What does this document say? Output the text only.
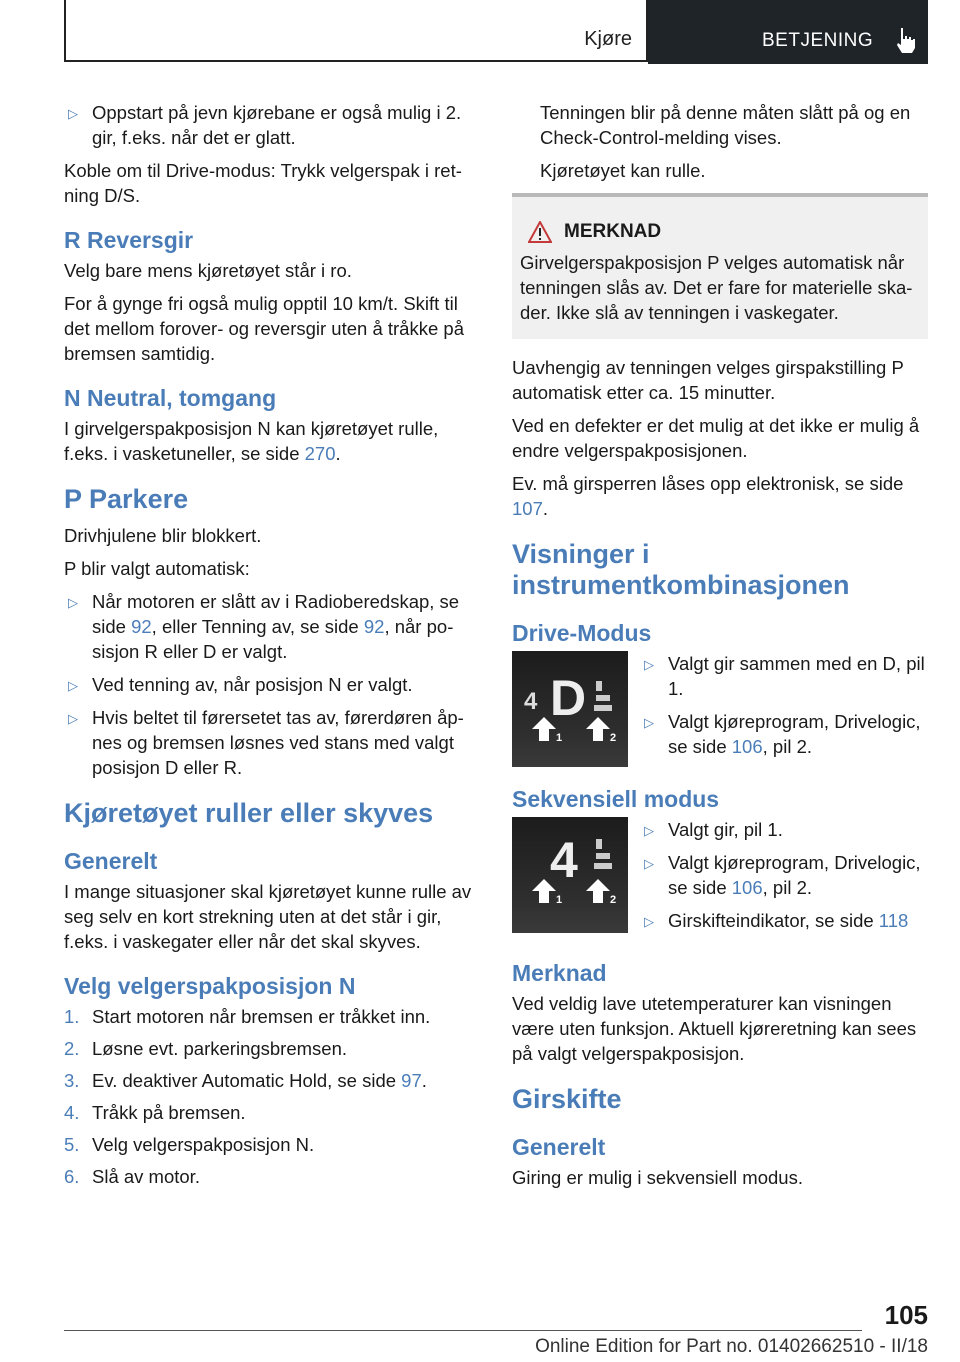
Kjøre	BETJENING
▷ Oppstart på jevn kjørebane er også mulig i 2. gir, f.eks. når det er glatt.

Koble om til Drive-modus: Trykk velgerspak i retning D/S.

R Reversgir

Velg bare mens kjøretøyet står i ro.

For å gynge fri også mulig opptil 10 km/t. Skift til det mellom forover- og reversgir uten å tråkke på bremsen samtidig.

N Neutral, tomgang

I girvelgerspakposisjon N kan kjøretøyet rulle, f.eks. i vasketuneller, se side 270.

P Parkere

Drivhjulene blir blokkert.

P blir valgt automatisk:

▷ Når motoren er slått av i Radioberedskap, se side 92, eller Tenning av, se side 92, når posisjon R eller D er valgt.
▷ Ved tenning av, når posisjon N er valgt.
▷ Hvis beltet til førersetet tas av, førerdøren åpnes og bremsen løsnes ved stans med valgt posisjon D eller R.
Kjøretøyet ruller eller skyves
Generelt

I mange situasjoner skal kjøretøyet kunne rulle av seg selv en kort strekning uten at det står i gir, f.eks. i vaskegater eller når det skal skyves.

Velg velgerspakposisjon N
1. Start motoren når bremsen er tråkket inn.
2. Løsne evt. parkeringsbremsen.
3. Ev. deaktiver Automatic Hold, se side 97.
4. Tråkk på bremsen.
5. Velg velgerspakposisjon N.
6. Slå av motor.

Tenningen blir på denne måten slått på og en Check-Control-melding vises.

Kjøretøyet kan rulle.

MERKNAD
Girvelgerspakposisjon P velges automatisk når tenningen slås av. Det er fare for materielle skader. Ikke slå av tenningen i vaskegater.

Uavhengig av tenningen velges girspakstilling P automatisk etter ca. 15 minutter.

Ved en defekter er det mulig at det ikke er mulig å endre velgerspakposisjonen.

Ev. må girsperren låses opp elektronisk, se side 107.

Visninger i instrumentkombinasjonen
Drive-Modus
4 D
1	2
▷ Valgt gir sammen med en D, pil 1.
▷ Valgt kjøreprogram, Drivelogic, se side 106, pil 2.
Sekvensiell modus
4
1	2
▷ Valgt gir, pil 1.
▷ Valgt kjøreprogram, Drivelogic, se side 106, pil 2.
▷ Girskifteindikator, se side 118
Merknad

Ved veldig lave utetemperaturer kan visningen være uten funksjon. Aktuell kjøreretning kan sees på valgt velgerspakposisjon.

Girskifte
Generelt

Giring er mulig i sekvensiell modus.

105
Online Edition for Part no. 01402662510 - II/18
